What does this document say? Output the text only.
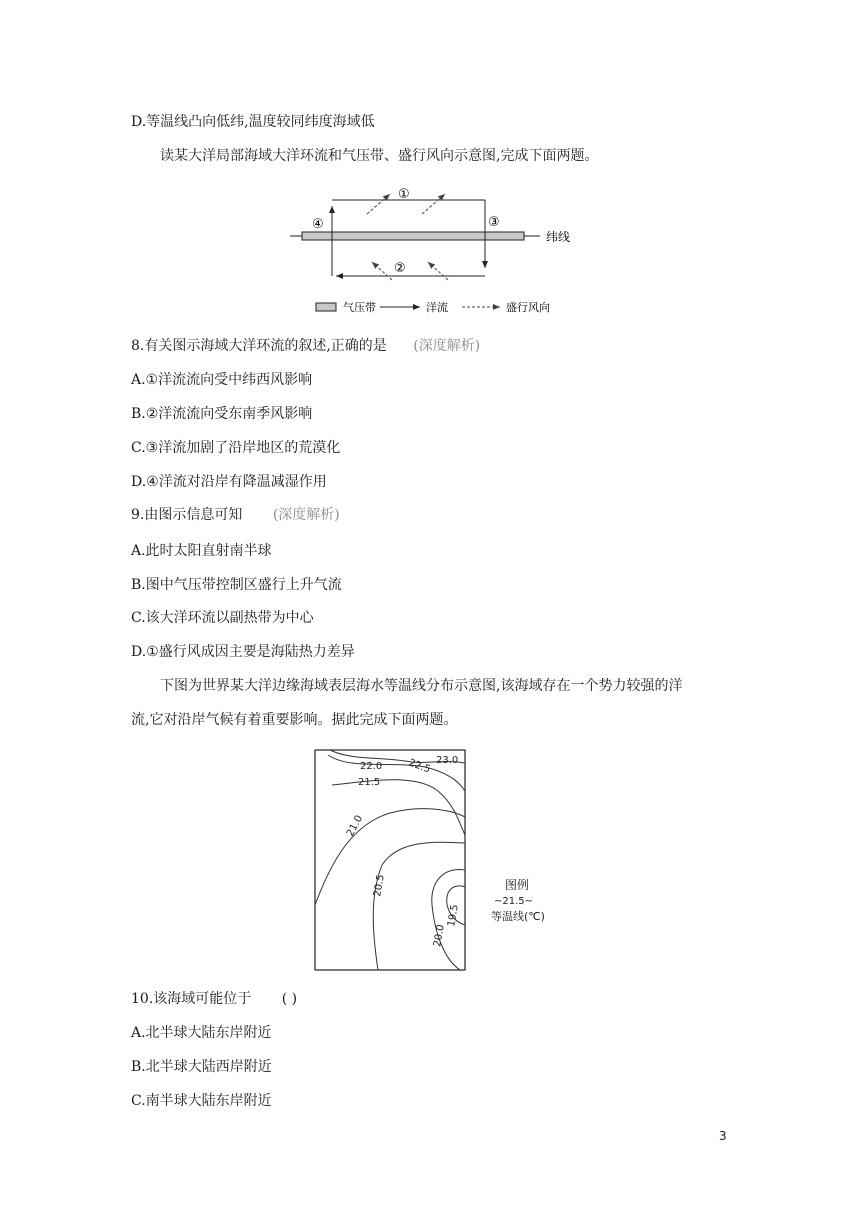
D.等温线凸向低纬,温度较同纬度海域低
读某大洋局部海域大洋环流和气压带、盛行风向示意图,完成下面两题。
①
②
③
④
纬线
气压带	洋流	盛行风向
8.有关图示海域大洋环流的叙述,正确的是 (深度解析)
A.①洋流流向受中纬西风影响
B.②洋流流向受东南季风影响
C.③洋流加剧了沿岸地区的荒漠化
D.④洋流对沿岸有降温减湿作用
9.由图示信息可知 (深度解析)
A.此时太阳直射南半球
B.图中气压带控制区盛行上升气流
C.该大洋环流以副热带为中心
D.①盛行风成因主要是海陆热力差异
下图为世界某大洋边缘海域表层海水等温线分布示意图,该海域存在一个势力较强的洋
流,它对沿岸气候有着重要影响。据此完成下面两题。
22.0 22.5 23.0
21.5
21.0
20.5
20.0
19.5
图例
~21.5~
等温线(℃)
10.该海域可能位于 ( )
A.北半球大陆东岸附近
B.北半球大陆西岸附近
C.南半球大陆东岸附近
3
